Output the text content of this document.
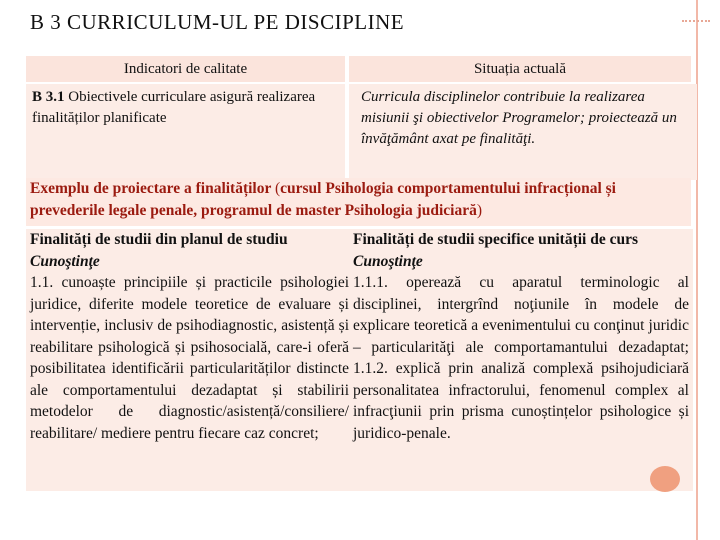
B 3 CURRICULUM-UL PE DISCIPLINE
Indicatori de calitate	Situația actuală
B 3.1 Obiectivele curriculare asigură realizarea finalităților planificate
Curricula disciplinelor contribuie la realizarea misiunii şi obiectivelor Programelor; proiectează un învăţământ axat pe finalităţi.
Exemplu de proiectare a finalităților (cursul Psihologia comportamentului infracțional și prevederile legale penale, programul de master Psihologia judiciară)
Finalități de studii din planul de studiu
Cunoştinţe
1.1. cunoaște principiile și practicile psihologiei juridice, diferite modele teoretice de evaluare și intervenție, inclusiv de psihodiagnostic, asistență și reabilitare psihologică și psihosocială, care-i oferă posibilitatea identificării particularităților distincte ale comportamentului dezadaptat și stabilirii metodelor de diagnostic/asistență/consiliere/ reabilitare/ mediere pentru fiecare caz concret;
Finalități de studii specifice unității de curs
Cunoştinţe
1.1.1. operează cu aparatul terminologic al disciplinei, intergrînd noţiunile în modele de explicare teoretică a evenimentului cu conţinut juridic – particularităţi ale comportamantului dezadaptat; 1.1.2. explică prin analiză complexă psihojudiciară personalitatea infractorului, fenomenul complex al infracţiunii prin prisma cunoștințelor psihologice și juridico-penale.
